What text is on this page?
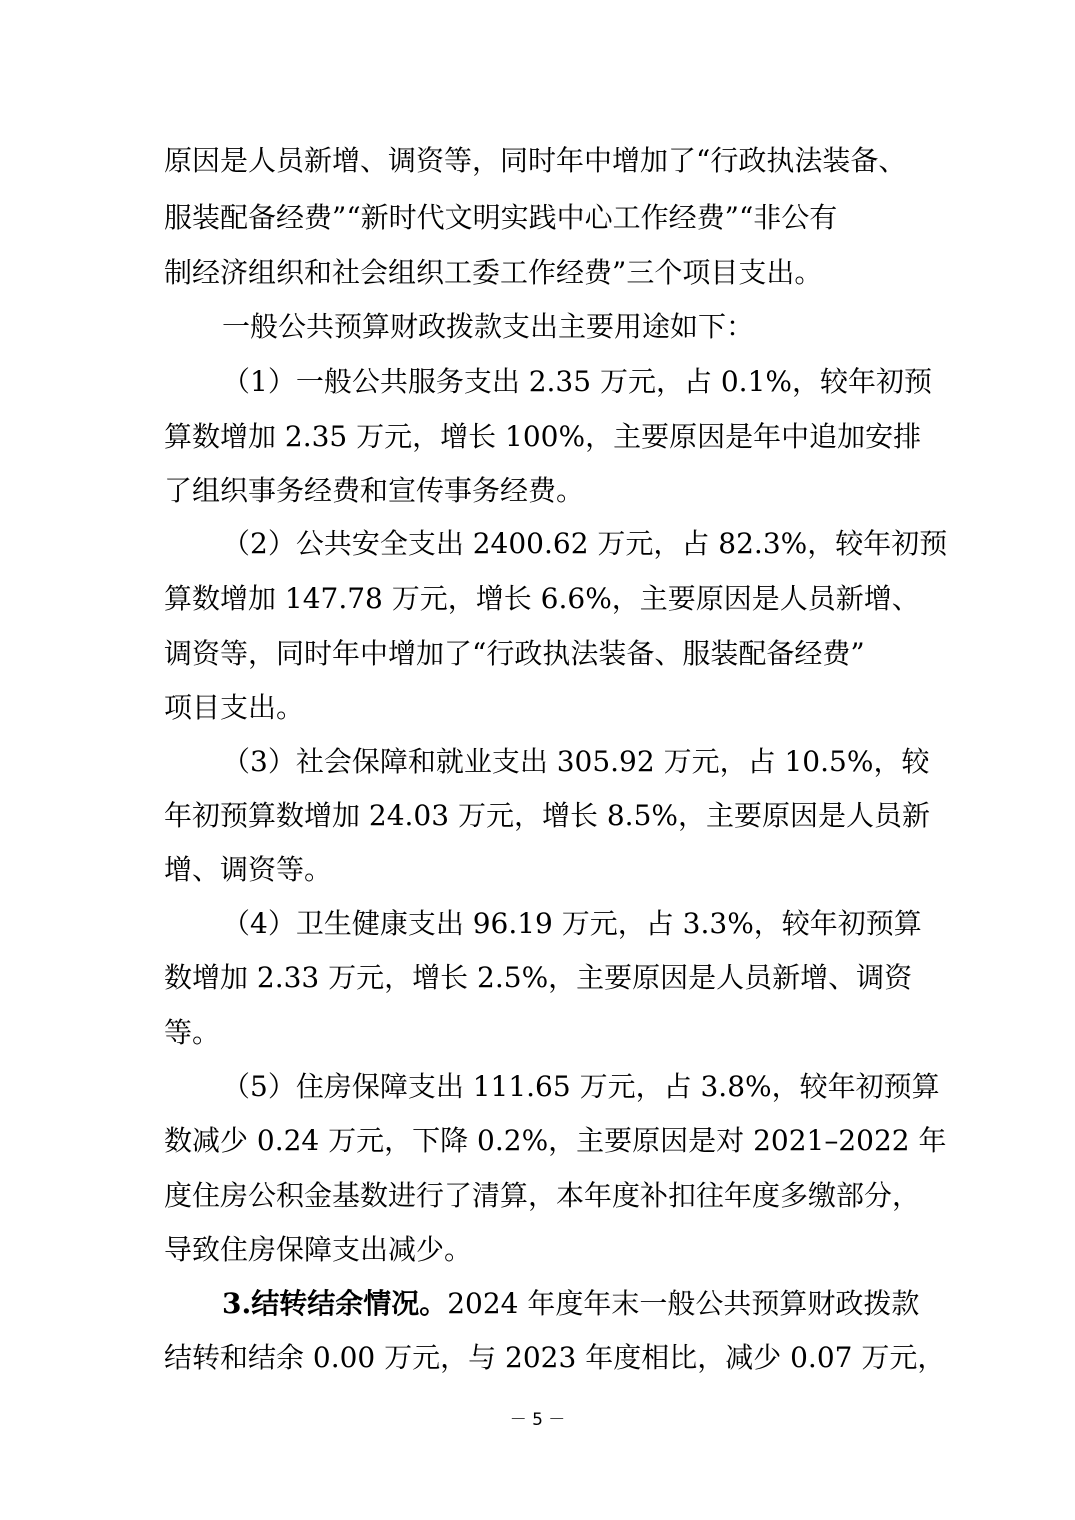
原因是人员新增、调资等，同时年中增加了“行政执法装备、
服装配备经费”“新时代文明实践中心工作经费”“非公有
制经济组织和社会组织工委工作经费”三个项目支出。
一般公共预算财政拨款支出主要用途如下：
（1）一般公共服务支出 2.35 万元，占 0.1%，较年初预
算数增加 2.35 万元，增长 100%，主要原因是年中追加安排
了组织事务经费和宣传事务经费。
（2）公共安全支出 2400.62 万元，占 82.3%，较年初预
算数增加 147.78 万元，增长 6.6%，主要原因是人员新增、
调资等，同时年中增加了“行政执法装备、服装配备经费”
项目支出。
（3）社会保障和就业支出 305.92 万元，占 10.5%，较
年初预算数增加 24.03 万元，增长 8.5%，主要原因是人员新
增、调资等。
（4）卫生健康支出 96.19 万元，占 3.3%，较年初预算
数增加 2.33 万元，增长 2.5%，主要原因是人员新增、调资
等。
（5）住房保障支出 111.65 万元，占 3.8%，较年初预算
数减少 0.24 万元，下降 0.2%，主要原因是对 2021–2022 年
度住房公积金基数进行了清算，本年度补扣往年度多缴部分，
导致住房保障支出减少。
3.结转结余情况。2024 年度年末一般公共预算财政拨款
结转和结余 0.00 万元，与 2023 年度相比，减少 0.07 万元，
－ 5 －
